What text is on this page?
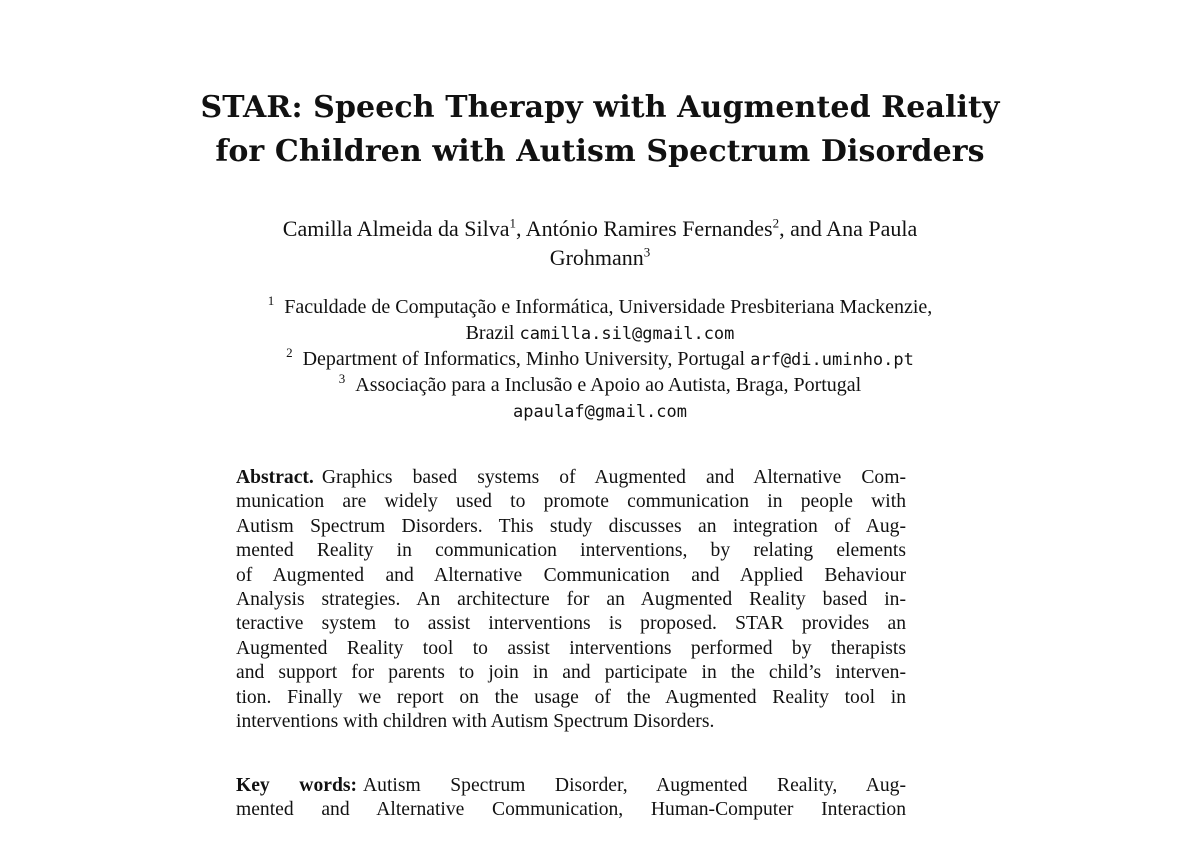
STAR: Speech Therapy with Augmented Reality
for Children with Autism Spectrum Disorders
Camilla Almeida da Silva$^1$, António Ramires Fernandes$^2$, and Ana Paula
Grohmann$^3$
$^1$ Faculdade de Computação e Informática, Universidade Presbiteriana Mackenzie,
Brazil camilla.sil@gmail.com
$^2$ Department of Informatics, Minho University, Portugal arf@di.uminho.pt
$^3$ Associação para a Inclusão e Apoio ao Autista, Braga, Portugal
apaulaf@gmail.com
Abstract. Graphics based systems of Augmented and Alternative Com-
munication are widely used to promote communication in people with
Autism Spectrum Disorders. This study discusses an integration of Aug-
mented Reality in communication interventions, by relating elements
of Augmented and Alternative Communication and Applied Behaviour
Analysis strategies. An architecture for an Augmented Reality based in-
teractive system to assist interventions is proposed. STAR provides an
Augmented Reality tool to assist interventions performed by therapists
and support for parents to join in and participate in the child’s interven-
tion. Finally we report on the usage of the Augmented Reality tool in
interventions with children with Autism Spectrum Disorders.
Key words: Autism Spectrum Disorder, Augmented Reality, Aug-
mented and Alternative Communication, Human-Computer Interaction
